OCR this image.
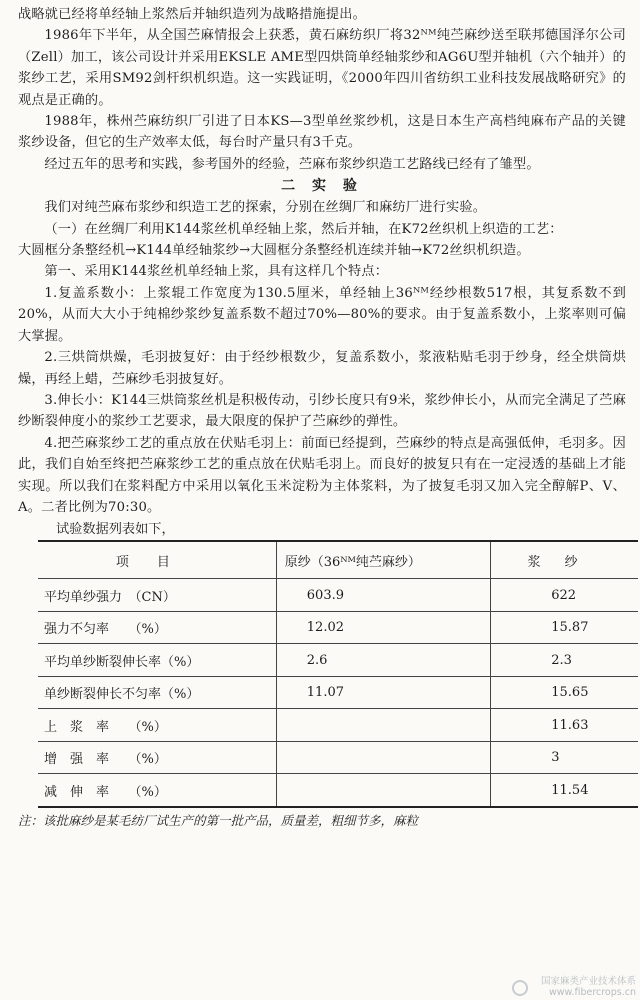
战略就已经将单经轴上浆然后并轴织造列为战略措施提出。

1986年下半年，从全国苎麻情报会上获悉，黄石麻纺织厂将32ᴺᴹ纯苎麻纱送至联邦德国泽尔公司（Zell）加工，该公司设计并采用EKSLE AME型四烘筒单经轴浆纱和AG6U型并轴机（六个轴并）的浆纱工艺，采用SM92剑杆织机织造。这一实践证明，《2000年四川省纺织工业科技发展战略研究》的观点是正确的。

1988年，株州苎麻纺织厂引进了日本KS—3型单丝浆纱机，这是日本生产高档纯麻布产品的关键浆纱设备，但它的生产效率太低，每台时产量只有3千克。

经过五年的思考和实践，参考国外的经验，苎麻布浆纱织造工艺路线已经有了雏型。

二 实 验

我们对纯苎麻布浆纱和织造工艺的探索，分别在丝绸厂和麻纺厂进行实验。

（一）在丝绸厂利用K144浆丝机单经轴上浆，然后并轴，在K72丝织机上织造的工艺：

大圆框分条整经机→K144单经轴浆纱→大圆框分条整经机连续并轴→K72丝织机织造。

第一、采用K144浆丝机单经轴上浆，具有这样几个特点：

1.复盖系数小：上浆辊工作宽度为130.5厘米，单经轴上36ᴺᴹ经纱根数517根，其复系数不到20%，从而大大小于纯棉纱浆纱复盖系数不超过70%—80%的要求。由于复盖系数小，上浆率则可偏大掌握。

2.三烘筒烘燥，毛羽披复好：由于经纱根数少，复盖系数小，浆液粘贴毛羽于纱身，经全烘筒烘燥，再经上蜡，苎麻纱毛羽披复好。

3.伸长小：K144三烘筒浆丝机是积极传动，引纱长度只有9米，浆纱伸长小，从而完全满足了苎麻纱断裂伸度小的浆纱工艺要求，最大限度的保护了苎麻纱的弹性。

4.把苎麻浆纱工艺的重点放在伏贴毛羽上：前面已经提到，苎麻纱的特点是高强低伸，毛羽多。因此，我们自始至终把苎麻浆纱工艺的重点放在伏贴毛羽上。而良好的披复只有在一定浸透的基础上才能实现。所以我们在浆料配方中采用以氧化玉米淀粉为主体浆料，为了披复毛羽又加入完全醇解P、V、A。二者比例为70:30。

试验数据列表如下，

项目	原纱（36ᴺᴹ纯苎麻纱）	浆纱
平均单纱强力　（CN）	603.9	622
强力不匀率　　（%）	12.02	15.87
平均单纱断裂伸长率（%）	2.6	2.3
单纱断裂伸长不匀率（%）	11.07	15.65
上　浆　率　　（%）		11.63
增　强　率　　（%）		3
减　伸　率　　（%）		11.54

注：该批麻纱是某毛纺厂试生产的第一批产品，质量差，粗细节多，麻粒

国家麻类产业技术体系
www.fibercrops.cn
